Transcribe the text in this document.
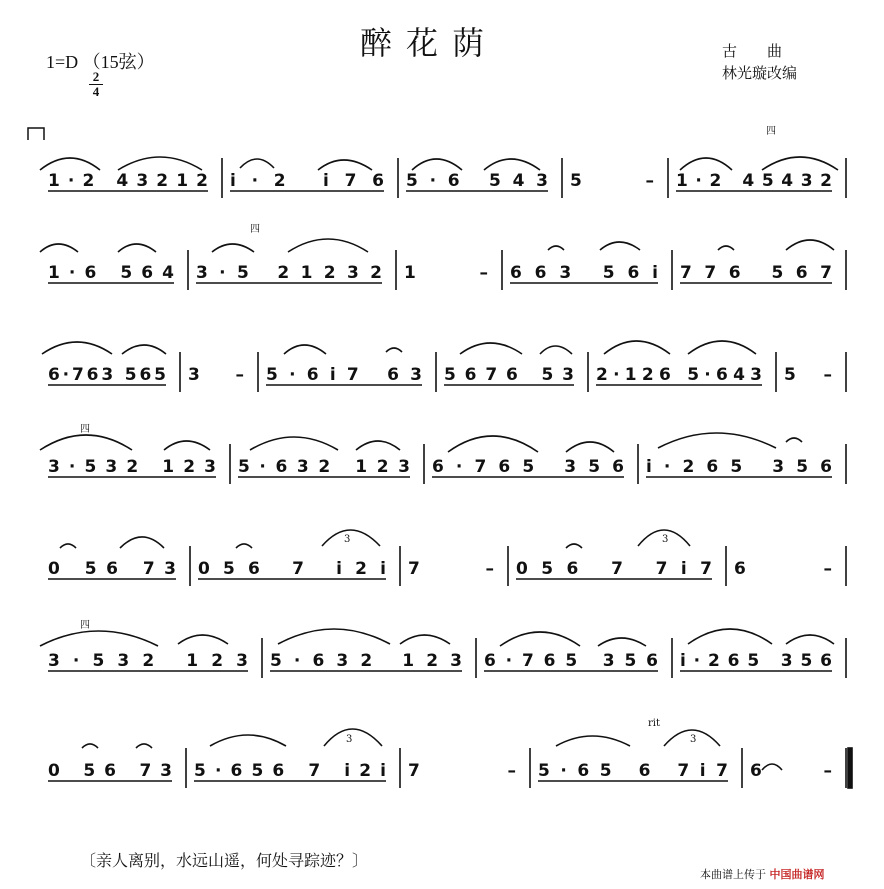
醉花荫
1=D （15弦）
2
4
古　　曲
林光璇改编
1·2 43212 i·2 i76 5·6 543 5 – 1·2 45432
1·6 564 3·5 21232 1 – 663 56i 776 567
6·763 565 3 – 5·6i7 63 5676 53 2·126 5·643 5 –
3·532 123 5·632 123 6·765 356 i·265 356
0 56 73 056 7 i2i 7 – 056 7 7i7 6 –
3·532 123 5·632 123 6·765 356 i·265 356
0 56 73 5·656 7 i2i 7 – 5·65 6 7i7 6 –
四
四
四
四
3	3
3	3
rit
〔亲人离别，水远山遥，何处寻踪迹？〕
本曲谱上传于 中国曲谱网
